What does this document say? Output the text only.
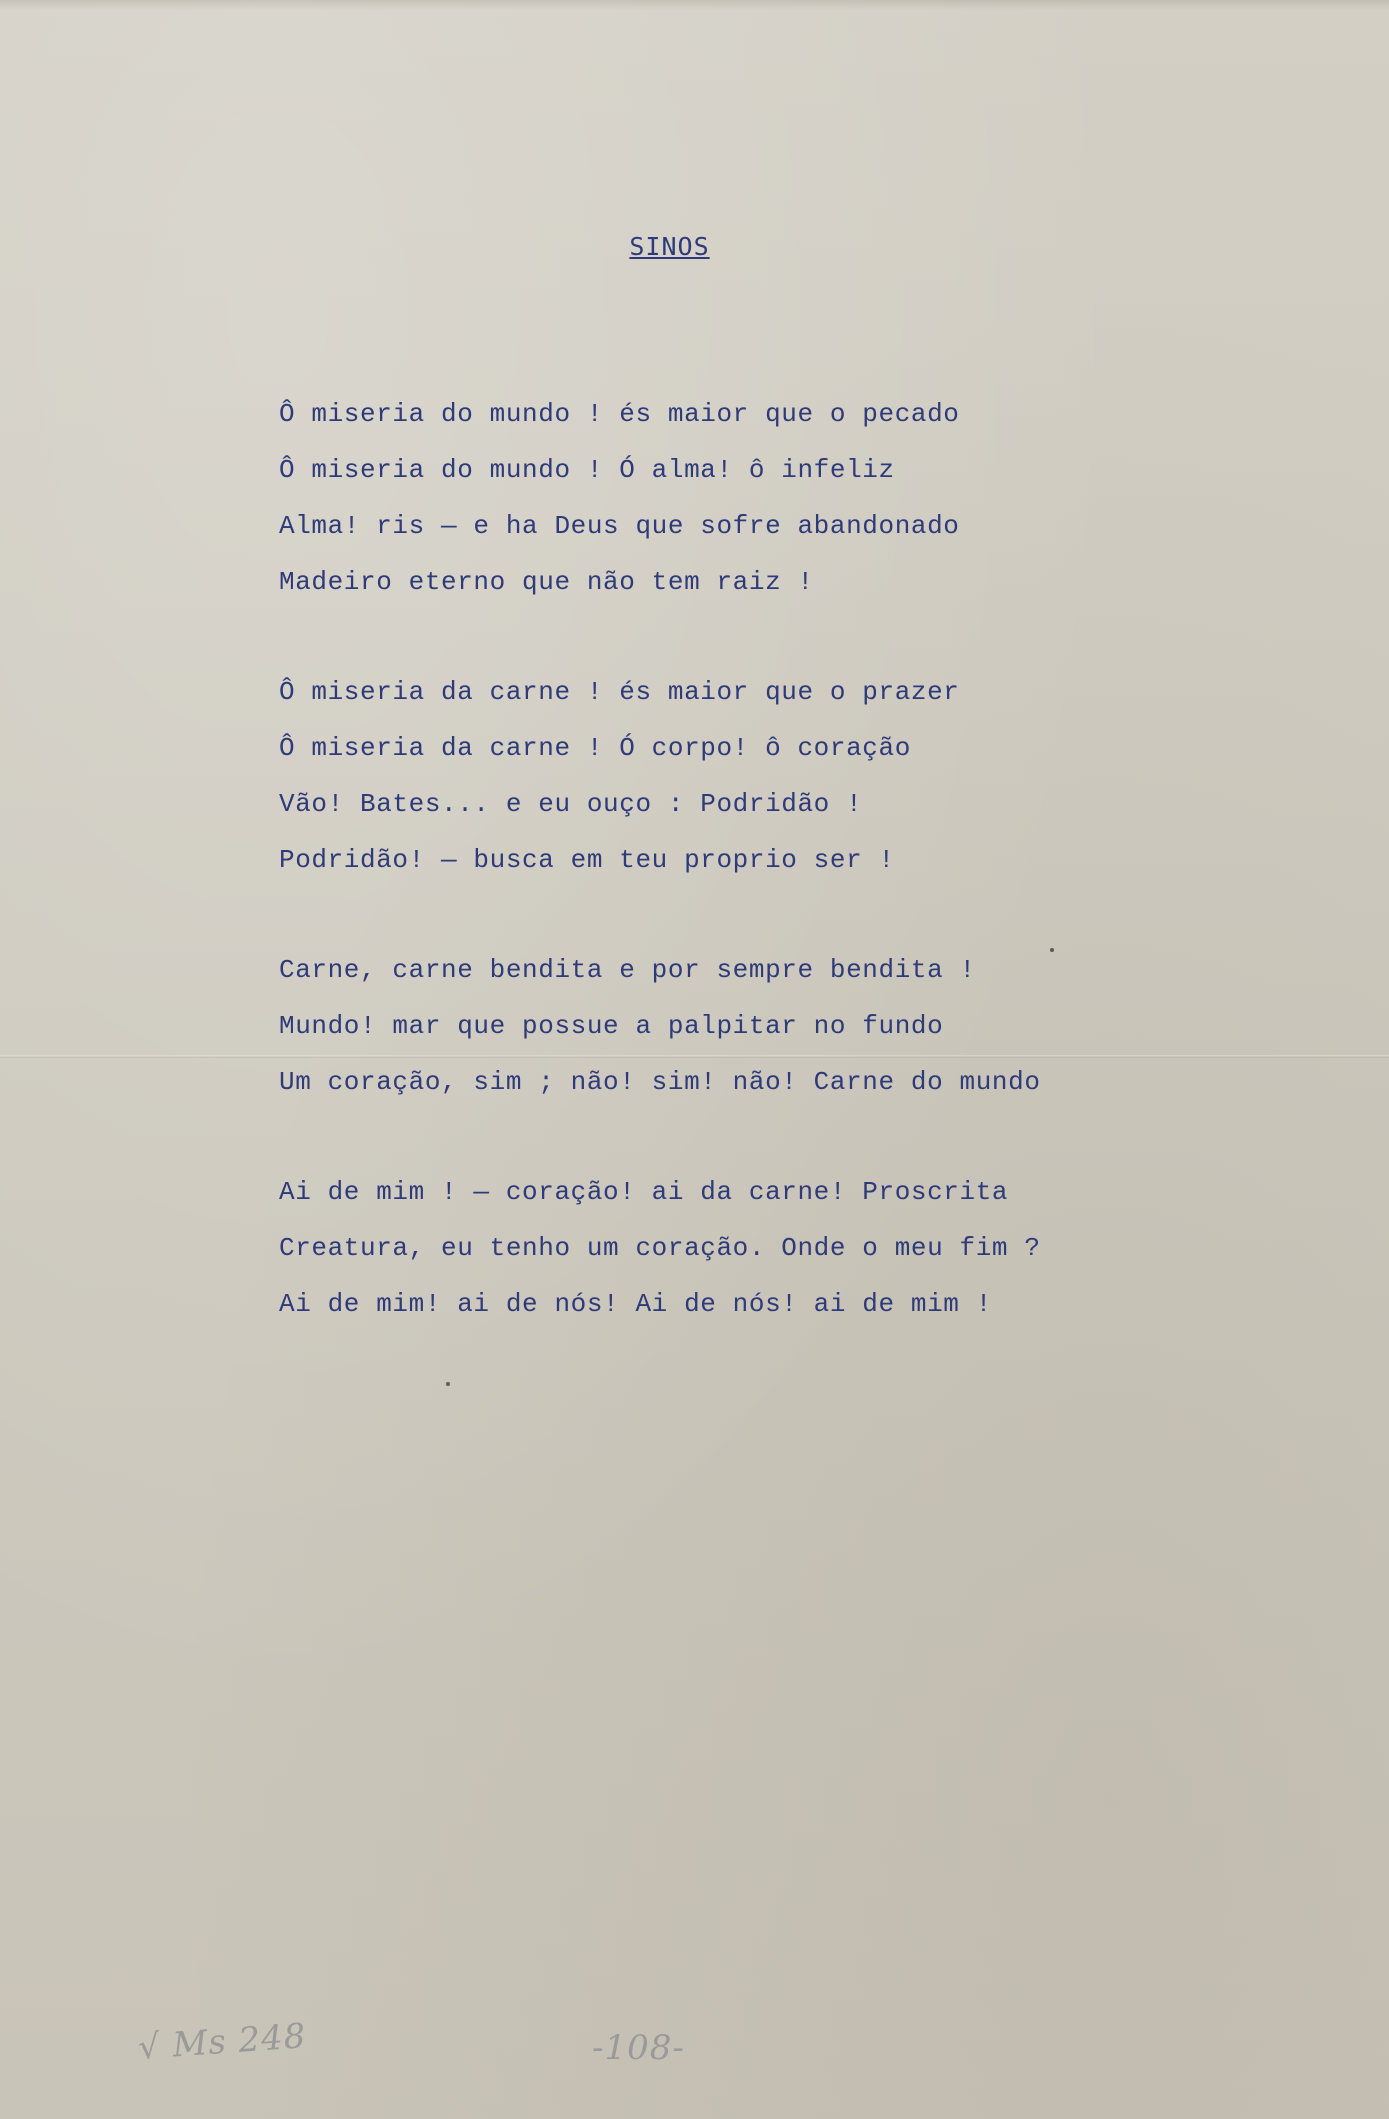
SINOS
Ô miseria do mundo ! és maior que o pecado
Ô miseria do mundo ! Ó alma! ô infeliz
Alma! ris — e ha Deus que sofre abandonado
Madeiro eterno que não tem raiz !
Ô miseria da carne ! és maior que o prazer
Ô miseria da carne ! Ó corpo! ô coração
Vão! Bates... e eu ouço : Podridão !
Podridão! — busca em teu proprio ser !
Carne, carne bendita e por sempre bendita !
Mundo! mar que possue a palpitar no fundo
Um coração, sim ; não! sim! não! Carne do mundo
Ai de mim ! — coração! ai da carne! Proscrita
Creatura, eu tenho um coração. Onde o meu fim ?
Ai de mim! ai de nós! Ai de nós! ai de mim !
√ Ms 248	-108-
